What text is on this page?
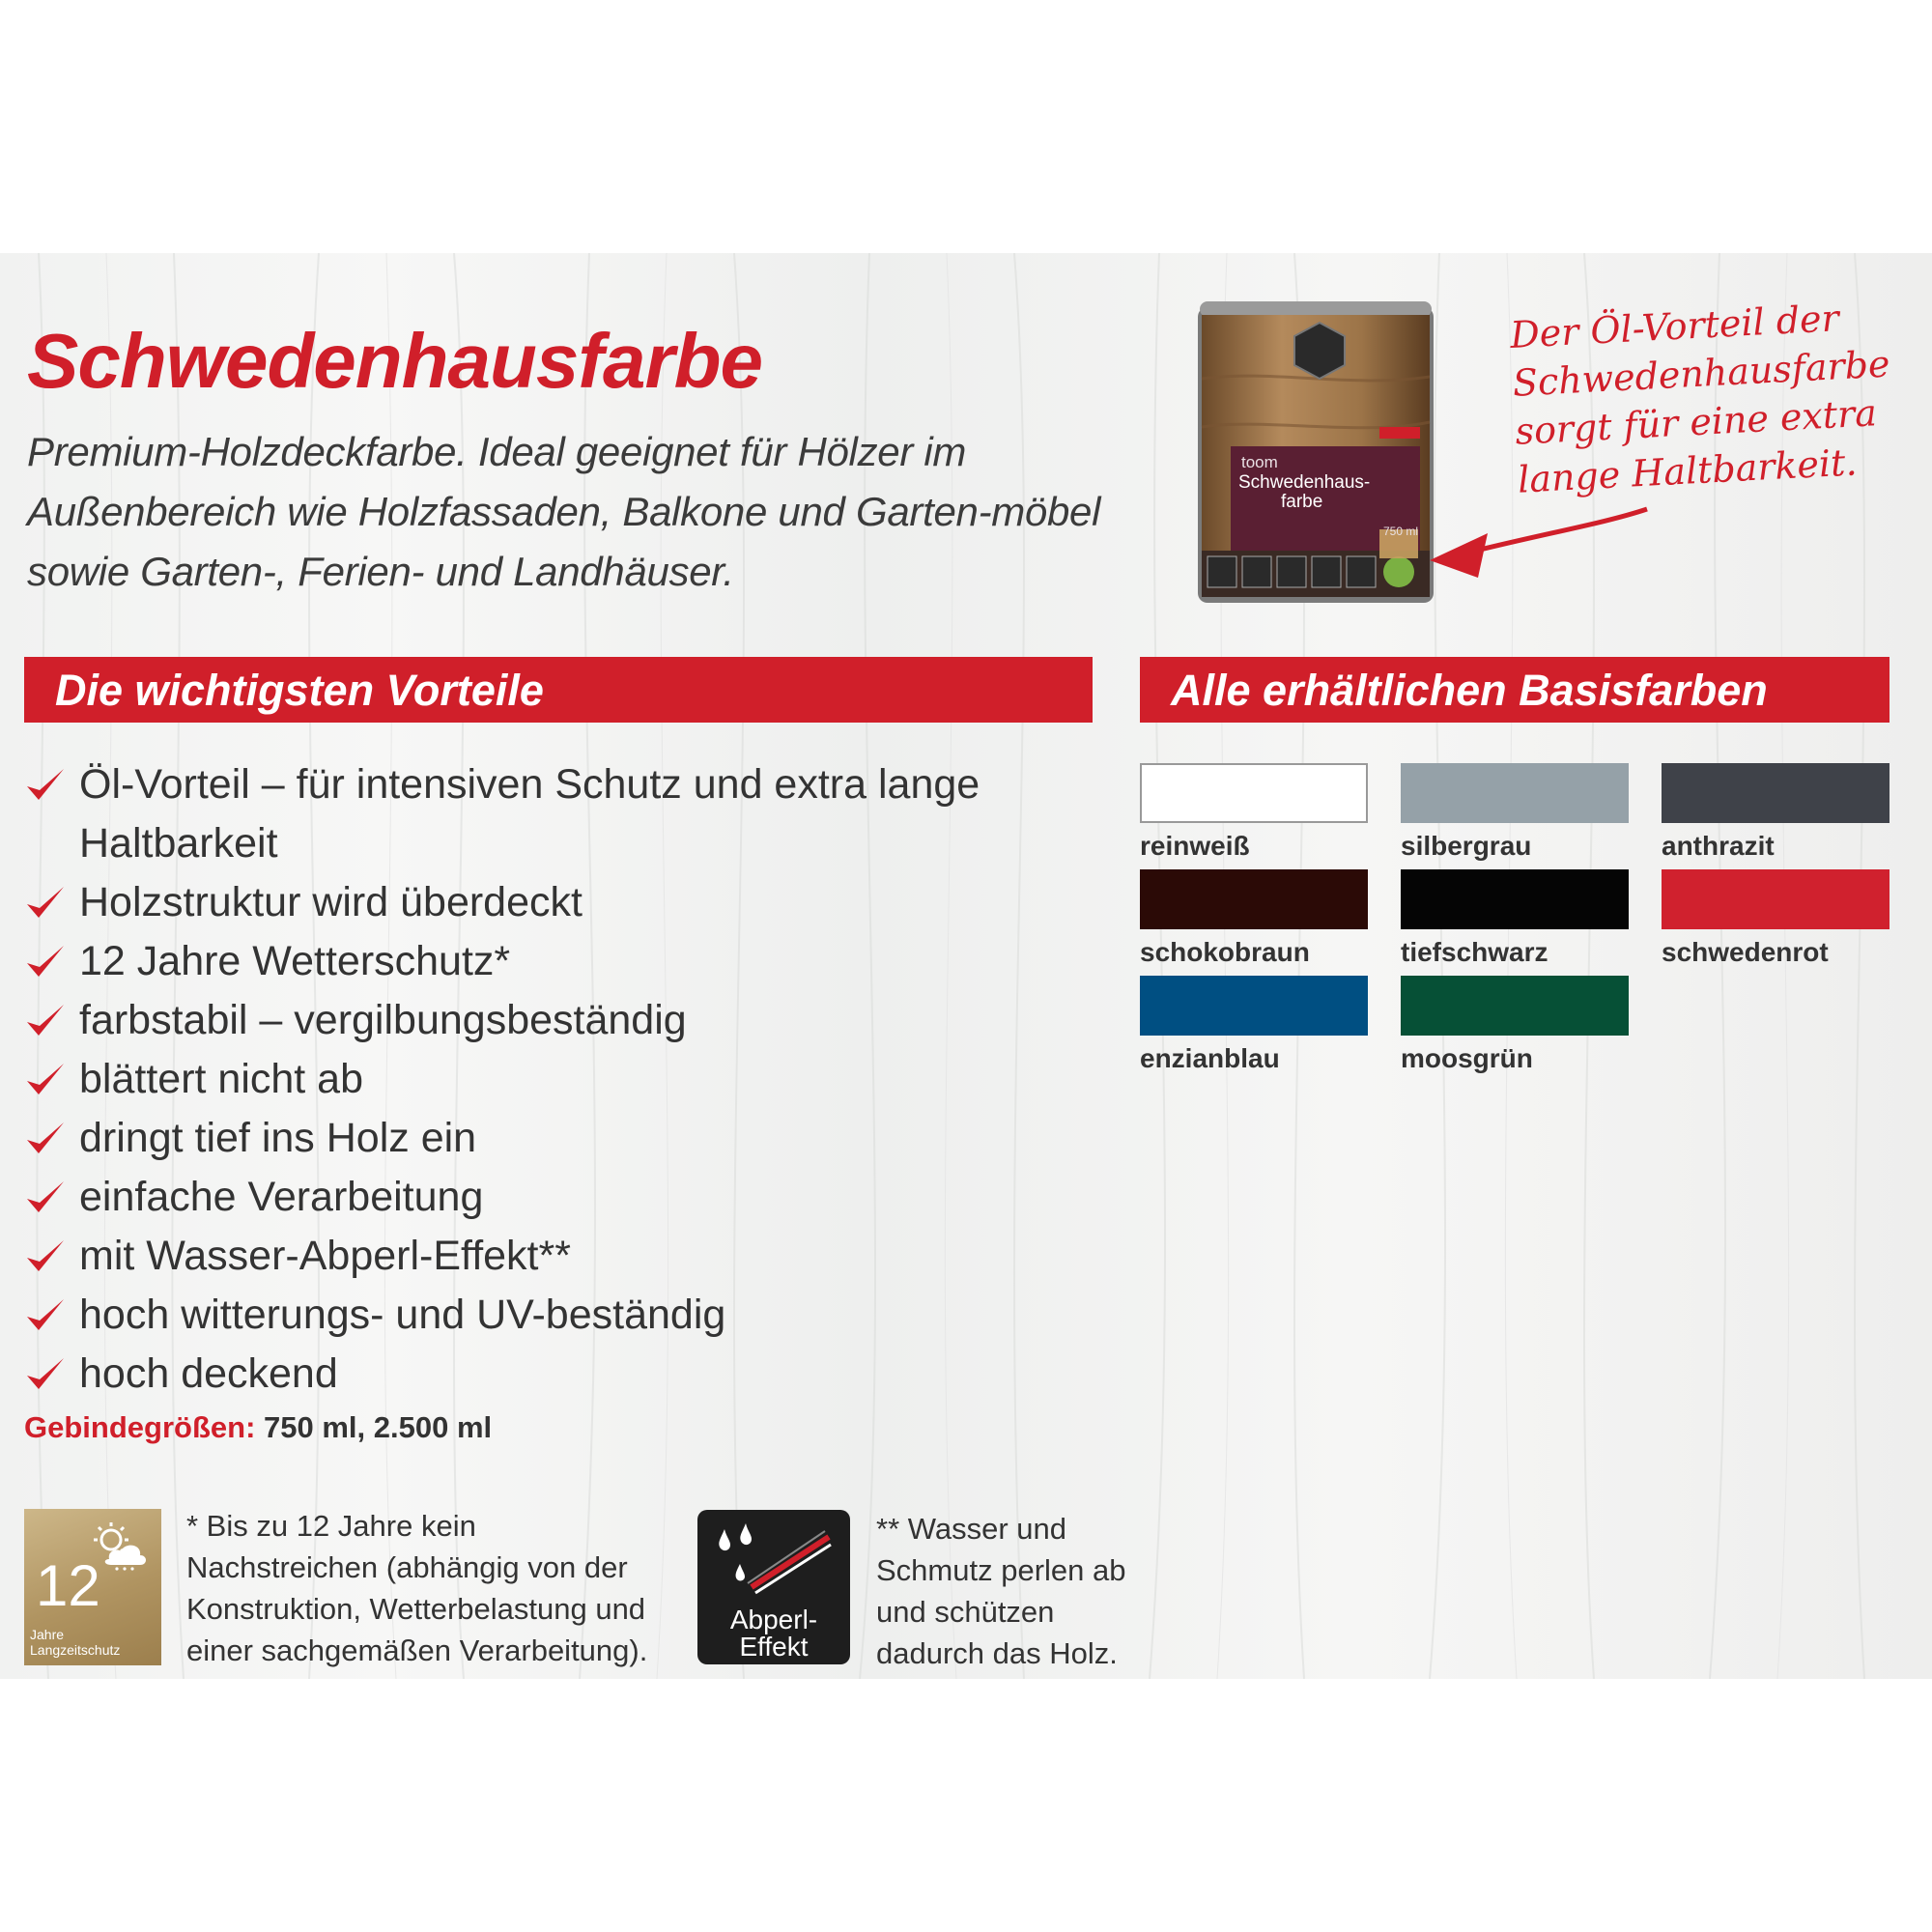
Schwedenhausfarbe

Premium-Holzdeckfarbe. Ideal geeignet für Hölzer im Außenbereich wie Holzfassaden, Balkone und Garten-möbel sowie Garten-, Ferien- und Landhäuser.

toom
Schwedenhaus-
farbe
750 ml

Der Öl-Vorteil der
Schwedenhausfarbe
sorgt für eine extra
lange Haltbarkeit.

Die wichtigsten Vorteile	Alle erhältlichen Basisfarben
Öl-Vorteil – für intensiven Schutz und extra lange Haltbarkeit
Holzstruktur wird überdeckt
12 Jahre Wetterschutz*
farbstabil – vergilbungsbeständig
blättert nicht ab
dringt tief ins Holz ein
einfache Verarbeitung
mit Wasser-Abperl-Effekt**
hoch witterungs- und UV-beständig
hoch deckend
Gebindegrößen: 750 ml, 2.500 ml
reinweiß	silbergrau	anthrazit
schokobraun	tiefschwarz	schwedenrot
enzianblau	moosgrün
12
Jahre
Langzeitschutz

* Bis zu 12 Jahre kein
Nachstreichen (abhängig von der
Konstruktion, Wetterbelastung und
einer sachgemäßen Verarbeitung).

Abperl-
Effekt

** Wasser und
Schmutz perlen ab
und schützen
dadurch das Holz.
